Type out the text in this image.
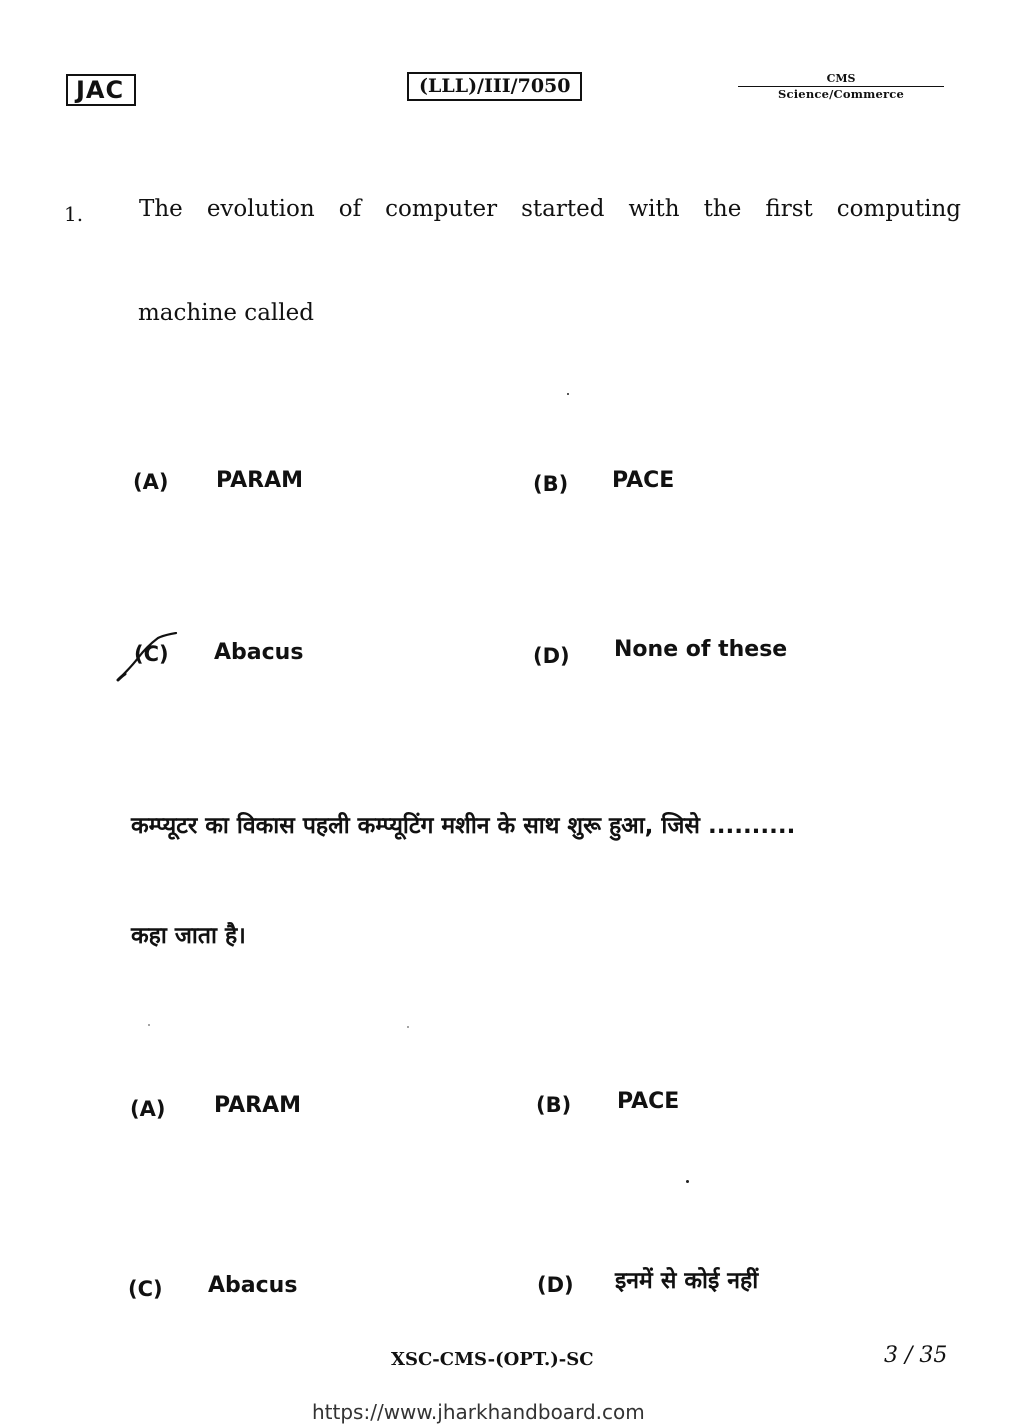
JAC	(LLL)/III/7050	CMS
Science/Commerce
1. The evolution of computer started with the first computing
machine called
(A) PARAM	(B) PACE
(C) Abacus	(D) None of these
कम्प्यूटर का विकास पहली कम्प्यूटिंग मशीन के साथ शुरू हुआ, जिसे ..........
कहा जाता है।
(A) PARAM	(B) PACE
(C) Abacus	(D) इनमें से कोई नहीं
XSC-CMS-(OPT.)-SC	3 / 35
https://www.jharkhandboard.com
